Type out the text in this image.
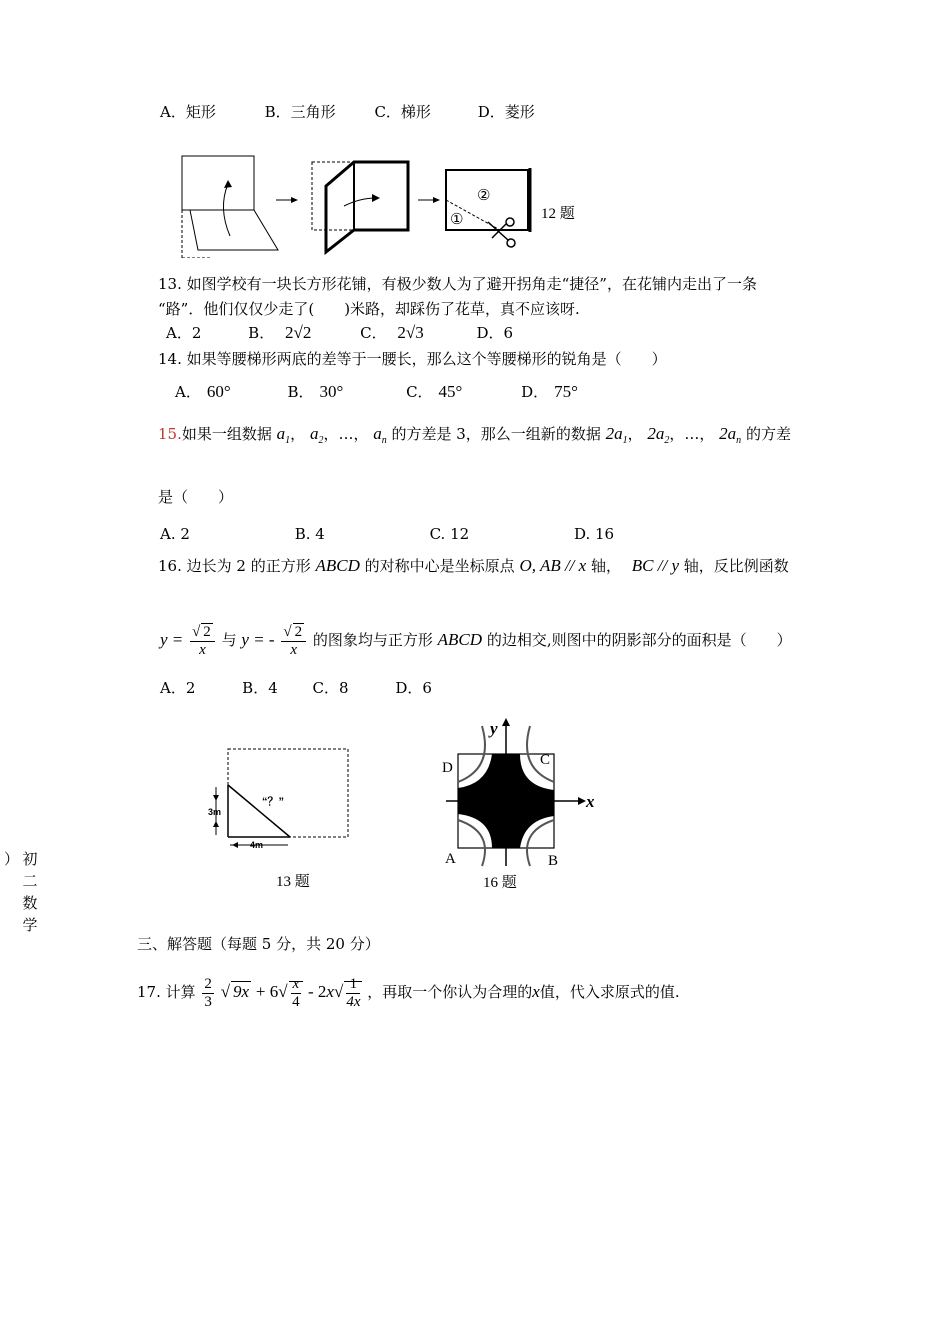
A．矩形	B．三角形	C．梯形	D．菱形
②
①	12 题
13. 如图学校有一块长方形花铺，有极少数人为了避开拐角走“捷径”，在花铺内走出了一条
“路”．他们仅仅少走了(　　)米路，却踩伤了花草，真不应该呀.
A．2	B． 2√2	C． 2√3	D．6
14. 如果等腰梯形两底的差等于一腰长，那么这个等腰梯形的锐角是（　　）
A． 60°	B． 30°	C． 45°	D． 75°
15.如果一组数据 $a_1$， $a_2$，…， $a_n$ 的方差是 3，那么一组新的数据 $2a_1$， $2a_2$，…， $2a_n$ 的方差
是（　　）
A. 2	B. 4	C. 12	D. 16
16. 边长为 2 的正方形 ABCD 的对称中心是坐标原点 O, AB // x 轴， BC // y 轴，反比例函数
$y = \frac{√ 2}{x}$ 与 y = - $\frac{√ 2}{x}$ 的图象均与正方形 ABCD 的边相交,则图中的阴影部分的面积是（　　）
A．2	B．4 C．8	D．6
3m
4m
“？”
13 题
x
y
O
D	C
A	B
16 题
） 初
二
数
学
三、解答题（每题 5 分，共 20 分）
17. 计算 $\frac{2}{3}$ √ $9x + 6√ \frac{x}{4} - 2x√ \frac{1}{4x}$ ，再取一个你认为合理的x值，代入求原式的值.
